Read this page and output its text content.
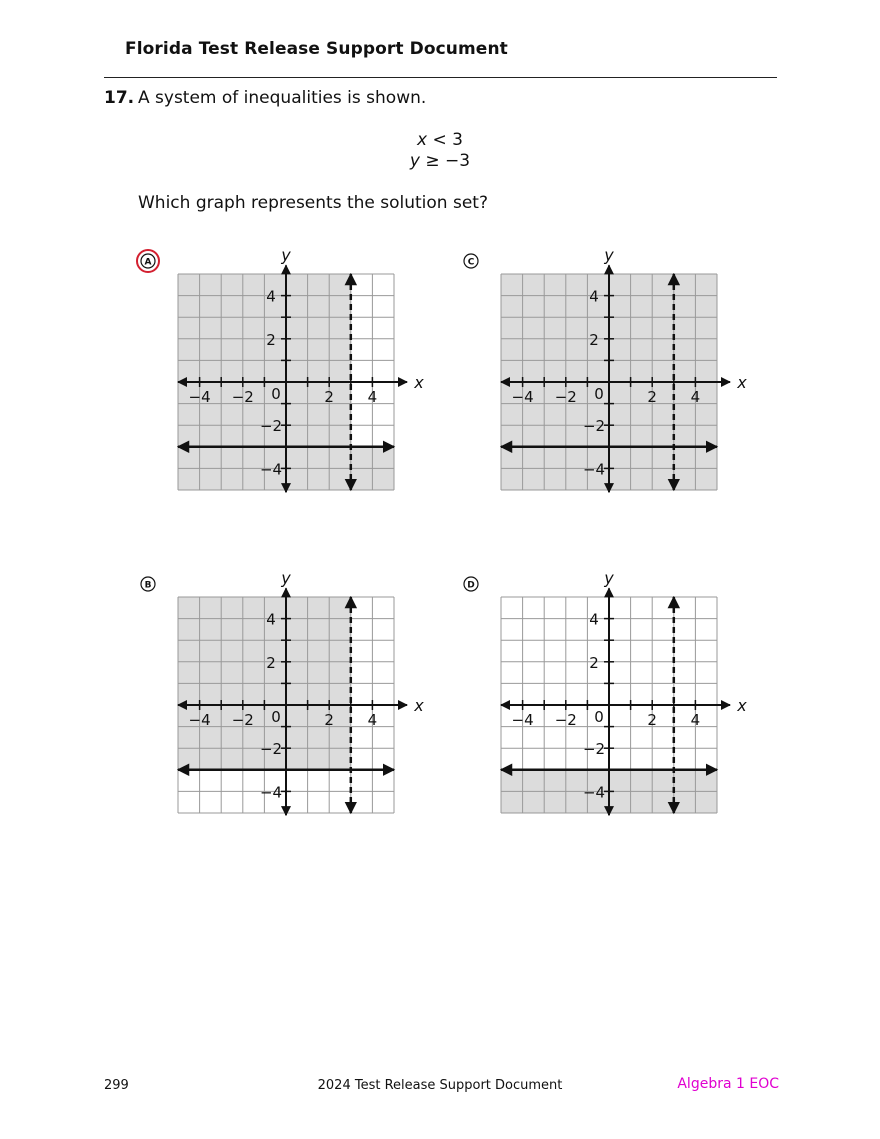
Florida Test Release Support Document
17. A system of inequalities is shown.
x < 3
y ≥ −3
Which graph represents the solution set?
−4 −2	2 4
4
2
−2
−4
0
x
y
A
−4 −2	2 4
4
2
−2
−4
0
x
y
C
−4 −2	2 4
4
2
−2
−4
0
x
y
B
−4 −2	2 4
4
2
−2
−4
0
x
y
D
299	2024 Test Release Support Document	Algebra 1 EOC
